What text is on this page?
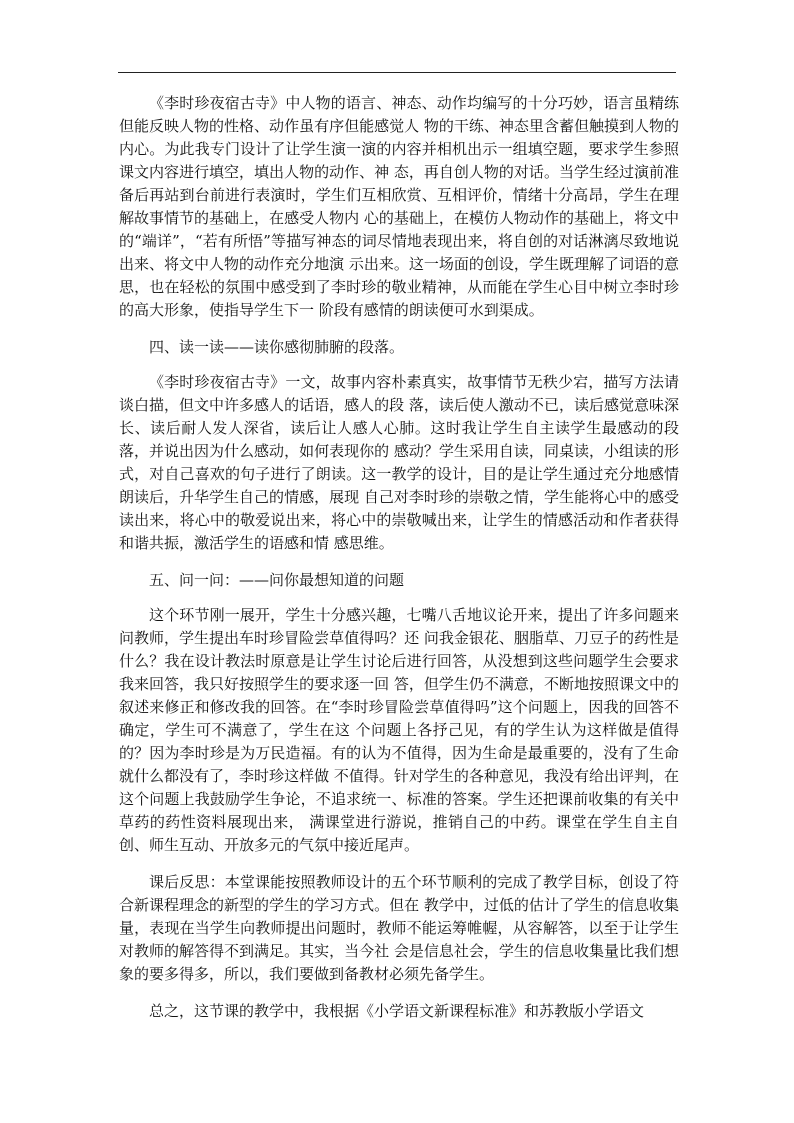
《李时珍夜宿古寺》中人物的语言、神态、动作均编写的十分巧妙，语言虽精练但能反映人物的性格、动作虽有序但能感觉人 物的干练、神态里含蓄但触摸到人物的内心。为此我专门设计了让学生演一演的内容并相机出示一组填空题，要求学生参照课文内容进行填空，填出人物的动作、神 态，再自创人物的对话。当学生经过演前准备后再站到台前进行表演时，学生们互相欣赏、互相评价，情绪十分高昂，学生在理解故事情节的基础上，在感受人物内 心的基础上，在模仿人物动作的基础上，将文中的“端详”，“若有所悟”等描写神态的词尽情地表现出来，将自创的对话淋漓尽致地说出来、将文中人物的动作充分地演 示出来。这一场面的创设，学生既理解了词语的意思，也在轻松的氛围中感受到了李时珍的敬业精神，从而能在学生心目中树立李时珍的高大形象，使指导学生下一 阶段有感情的朗读便可水到渠成。

四、读一读——读你感彻肺腑的段落。

《李时珍夜宿古寺》一文，故事内容朴素真实，故事情节无秩少宕，描写方法请谈白描，但文中许多感人的话语，感人的段 落，读后使人激动不已，读后感觉意味深长、读后耐人发人深省，读后让人感人心肺。这时我让学生自主读学生最感动的段落，并说出因为什么感动，如何表现你的 感动？学生采用自读，同桌读，小组读的形式，对自己喜欢的句子进行了朗读。这一教学的设计，目的是让学生通过充分地感情朗读后，升华学生自己的情感，展现 自己对李时珍的崇敬之情，学生能将心中的感受读出来，将心中的敬爱说出来，将心中的崇敬喊出来，让学生的情感活动和作者获得和谐共振，激活学生的语感和情 感思维。

五、问一问：——问你最想知道的问题

这个环节刚一展开，学生十分感兴趣，七嘴八舌地议论开来，提出了许多问题来问教师，学生提出车时珍冒险尝草值得吗？还 问我金银花、胭脂草、刀豆子的药性是什么？我在设计教法时原意是让学生讨论后进行回答，从没想到这些问题学生会要求我来回答，我只好按照学生的要求逐一回 答，但学生仍不满意，不断地按照课文中的叙述来修正和修改我的回答。在“李时珍冒险尝草值得吗”这个问题上，因我的回答不确定，学生可不满意了，学生在这 个问题上各抒己见，有的学生认为这样做是值得的？因为李时珍是为万民造福。有的认为不值得，因为生命是最重要的，没有了生命就什么都没有了，李时珍这样做 不值得。针对学生的各种意见，我没有给出评判，在这个问题上我鼓励学生争论，不追求统一、标准的答案。学生还把课前收集的有关中草药的药性资料展现出来， 满课堂进行游说，推销自己的中药。课堂在学生自主自创、师生互动、开放多元的气氛中接近尾声。

课后反思：本堂课能按照教师设计的五个环节顺利的完成了教学目标，创设了符合新课程理念的新型的学生的学习方式。但在 教学中，过低的估计了学生的信息收集量，表现在当学生向教师提出问题时，教师不能运筹帷幄，从容解答，以至于让学生对教师的解答得不到满足。其实，当今社 会是信息社会，学生的信息收集量比我们想象的要多得多，所以，我们要做到备教材必须先备学生。

总之，这节课的教学中，我根据《小学语文新课程标准》和苏教版小学语文
